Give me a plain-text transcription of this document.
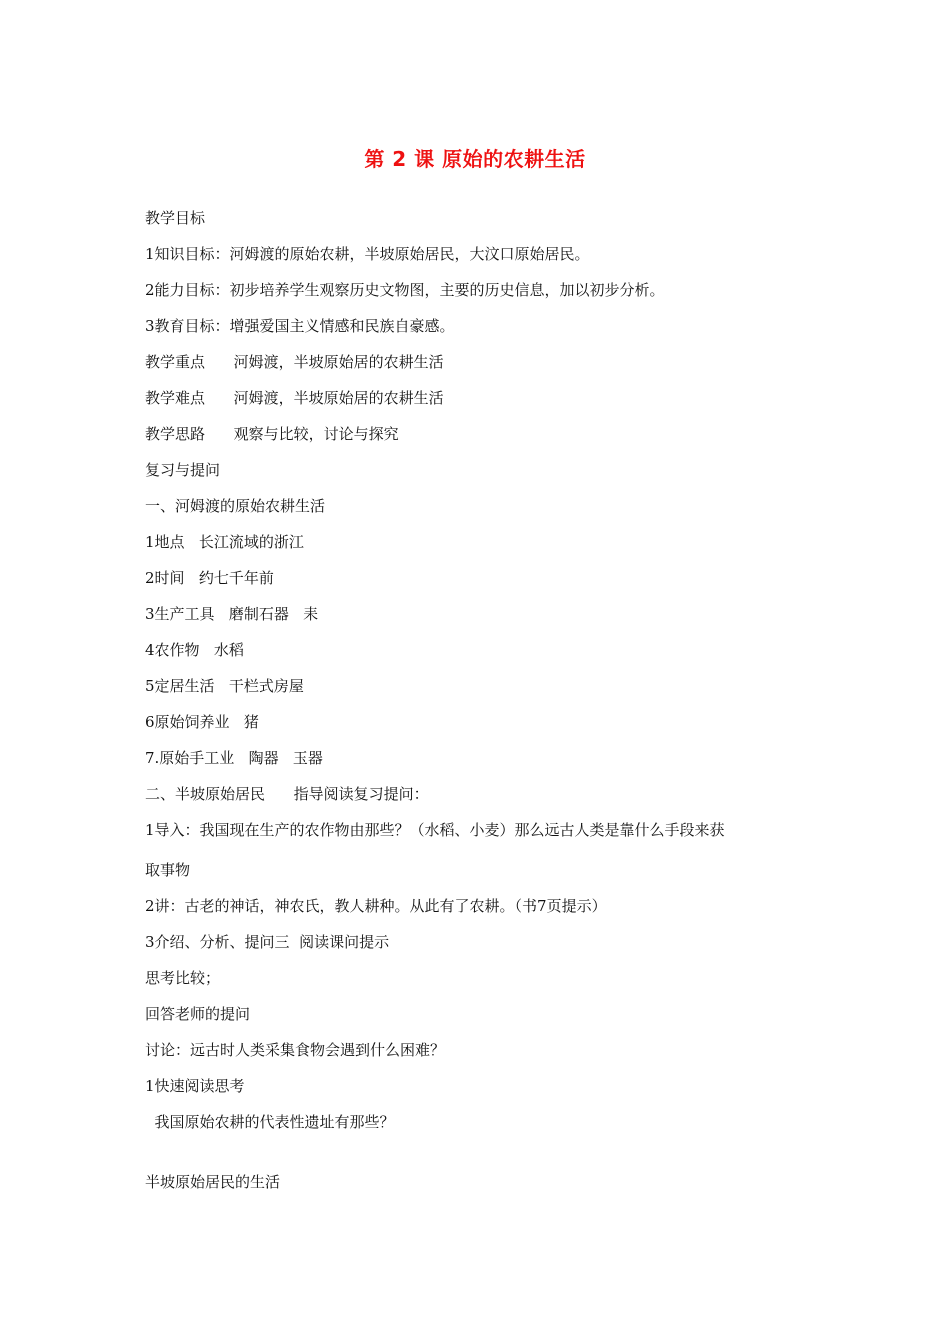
第 2 课 原始的农耕生活
教学目标
1知识目标：河姆渡的原始农耕，半坡原始居民，大汶口原始居民。
2能力目标：初步培养学生观察历史文物图，主要的历史信息，加以初步分析。
3教育目标：增强爱国主义情感和民族自豪感。
教学重点      河姆渡，半坡原始居的农耕生活
教学难点      河姆渡，半坡原始居的农耕生活
教学思路      观察与比较，讨论与探究
复习与提问
一、河姆渡的原始农耕生活
1地点   长江流域的浙江
2时间   约七千年前
3生产工具   磨制石器   耒
4农作物   水稻
5定居生活   干栏式房屋
6原始饲养业   猪
7.原始手工业   陶器   玉器
二、半坡原始居民      指导阅读复习提问：
1导入：我国现在生产的农作物由那些？（水稻、小麦）那么远古人类是靠什么手段来获
取事物
2讲：古老的神话，神农氏，教人耕种。从此有了农耕。（书7页提示）
3介绍、分析、提问三  阅读课问提示
思考比较；
回答老师的提问
讨论：远古时人类采集食物会遇到什么困难？
1快速阅读思考
我国原始农耕的代表性遗址有那些？
半坡原始居民的生活
